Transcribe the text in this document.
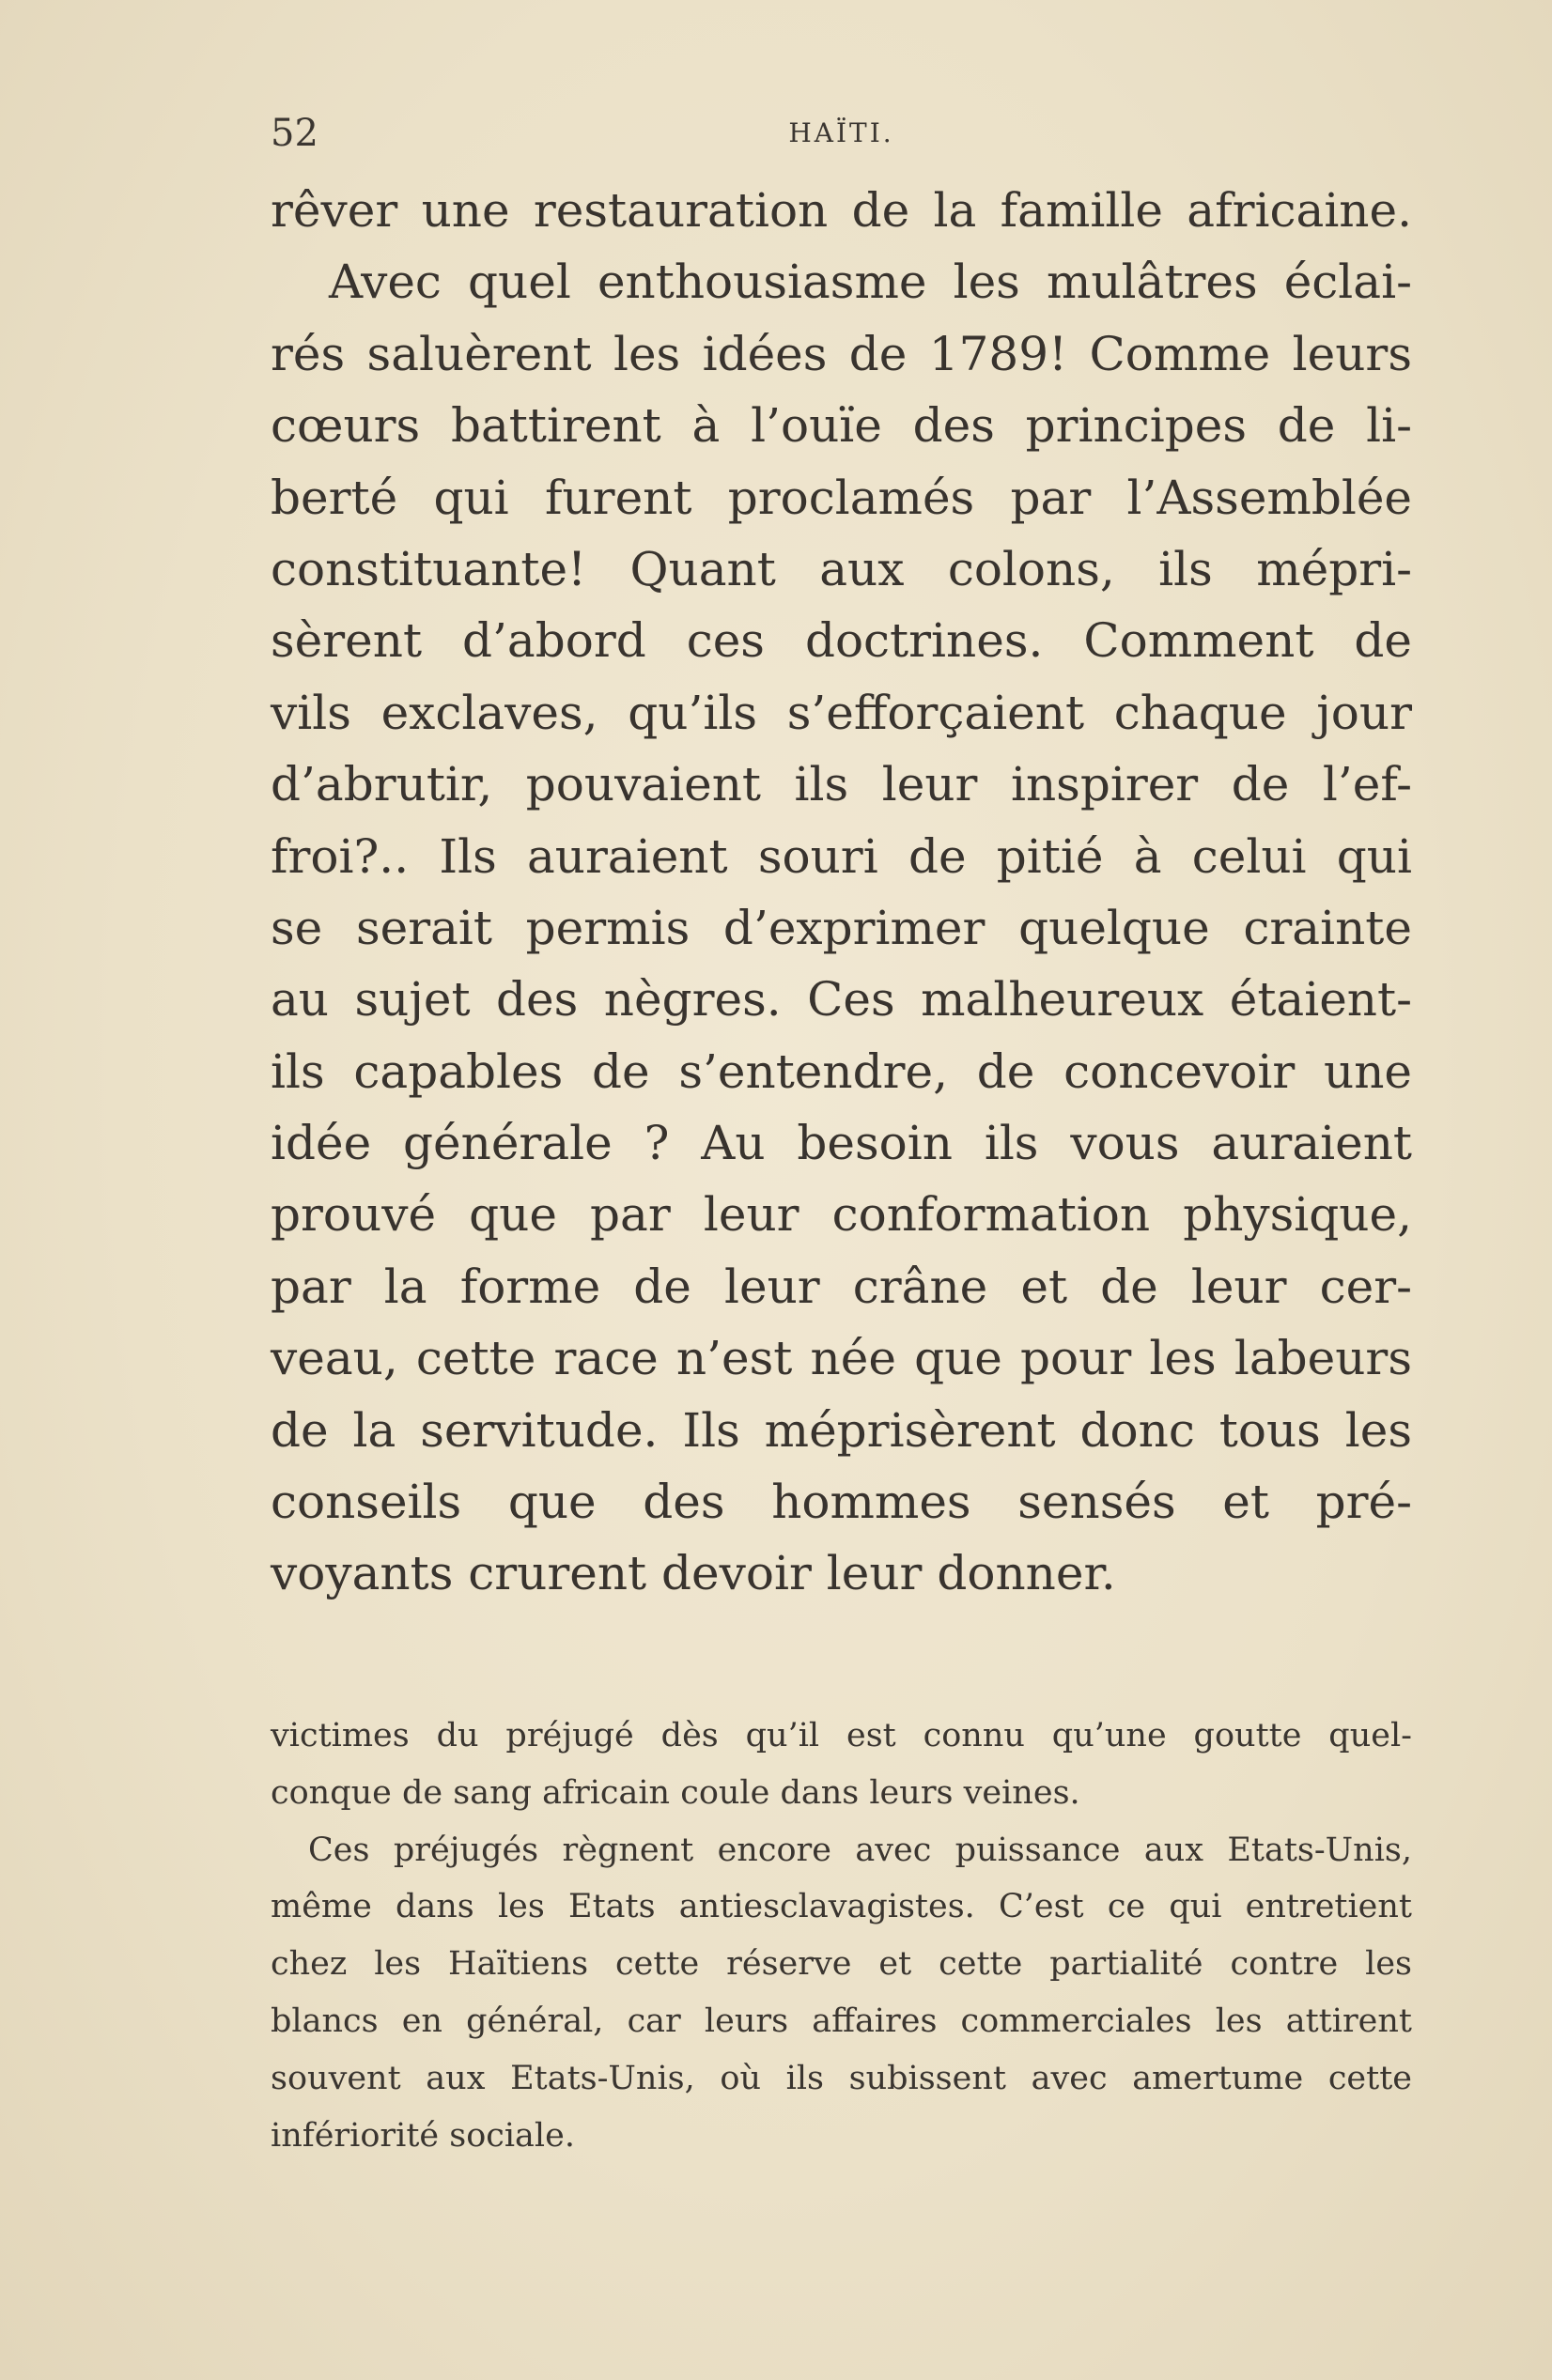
52	HAÏTI.
rêver une restauration de la famille africaine.
Avec quel enthousiasme les mulâtres éclai-
rés saluèrent les idées de 1789! Comme leurs
cœurs battirent à l’ouïe des principes de li-
berté qui furent proclamés par l’Assemblée
constituante! Quant aux colons, ils mépri-
sèrent d’abord ces doctrines. Comment de
vils exclaves, qu’ils s’efforçaient chaque jour
d’abrutir, pouvaient ils leur inspirer de l’ef-
froi?.. Ils auraient souri de pitié à celui qui
se serait permis d’exprimer quelque crainte
au sujet des nègres. Ces malheureux étaient-
ils capables de s’entendre, de concevoir une
idée générale ? Au besoin ils vous auraient
prouvé que par leur conformation physique,
par la forme de leur crâne et de leur cer-
veau, cette race n’est née que pour les labeurs
de la servitude. Ils méprisèrent donc tous les
conseils que des hommes sensés et pré-
voyants crurent devoir leur donner.
victimes du préjugé dès qu’il est connu qu’une goutte quel-
conque de sang africain coule dans leurs veines.
Ces préjugés règnent encore avec puissance aux Etats-Unis,
même dans les Etats antiesclavagistes. C’est ce qui entretient
chez les Haïtiens cette réserve et cette partialité contre les
blancs en général, car leurs affaires commerciales les attirent
souvent aux Etats-Unis, où ils subissent avec amertume cette
infériorité sociale.
